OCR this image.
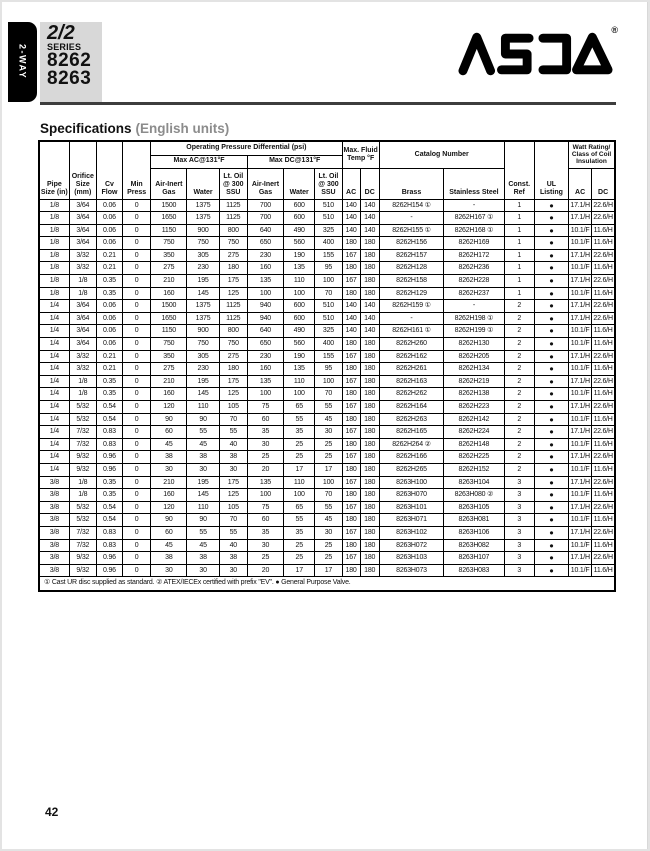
2-WAY
2/2
SERIES
8262
8263
®
Specifications (English units)
Pipe Size (in)	Orifice Size (mm)	Cv Flow	Min Press	Operating Pressure Differential (psi)						Max. Fluid Temp °F		Catalog Number		Const. Ref	UL Listing	Watt Rating/ Class of Coil Insulation	
				Max AC@131°F			Max DC@131°F										
				Air-Inert Gas	Water	Lt. Oil @ 300 SSU	Air-Inert Gas	Water	Lt. Oil @ 300 SSU	AC	DC	Brass	Stainless Steel			AC	DC
1/8	3/64	0.06	0	1500	1375	1125	700	600	510	140	140	8262H154 ①	-	1	●	17.1/H	22.6/H
1/8	3/64	0.06	0	1650	1375	1125	700	600	510	140	140	-	8262H167 ①	1	●	17.1/H	22.6/H
1/8	3/64	0.06	0	1150	900	800	640	490	325	140	140	8262H155 ①	8262H168 ①	1	●	10.1/F	11.6/H
1/8	3/64	0.06	0	750	750	750	650	560	400	180	180	8262H156	8262H169	1	●	10.1/F	11.6/H
1/8	3/32	0.21	0	350	305	275	230	190	155	167	180	8262H157	8262H172	1	●	17.1/H	22.6/H
1/8	3/32	0.21	0	275	230	180	160	135	95	180	180	8262H128	8262H236	1	●	10.1/F	11.6/H
1/8	1/8	0.35	0	210	195	175	135	110	100	167	180	8262H158	8262H228	1	●	17.1/H	22.6/H
1/8	1/8	0.35	0	160	145	125	100	100	70	180	180	8262H129	8262H237	1	●	10.1/F	11.6/H
1/4	3/64	0.06	0	1500	1375	1125	940	600	510	140	140	8262H159 ①	-	2	●	17.1/H	22.6/H
1/4	3/64	0.06	0	1650	1375	1125	940	600	510	140	140	-	8262H198 ①	2	●	17.1/H	22.6/H
1/4	3/64	0.06	0	1150	900	800	640	490	325	140	140	8262H161 ①	8262H199 ①	2	●	10.1/F	11.6/H
1/4	3/64	0.06	0	750	750	750	650	560	400	180	180	8262H260	8262H130	2	●	10.1/F	11.6/H
1/4	3/32	0.21	0	350	305	275	230	190	155	167	180	8262H162	8262H205	2	●	17.1/H	22.6/H
1/4	3/32	0.21	0	275	230	180	160	135	95	180	180	8262H261	8262H134	2	●	10.1/F	11.6/H
1/4	1/8	0.35	0	210	195	175	135	110	100	167	180	8262H163	8262H219	2	●	17.1/H	22.6/H
1/4	1/8	0.35	0	160	145	125	100	100	70	180	180	8262H262	8262H138	2	●	10.1/F	11.6/H
1/4	5/32	0.54	0	120	110	105	75	65	55	167	180	8262H164	8262H223	2	●	17.1/H	22.6/H
1/4	5/32	0.54	0	90	90	70	60	55	45	180	180	8262H263	8262H142	2	●	10.1/F	11.6/H
1/4	7/32	0.83	0	60	55	55	35	35	30	167	180	8262H165	8262H224	2	●	17.1/H	22.6/H
1/4	7/32	0.83	0	45	45	40	30	25	25	180	180	8262H264 ②	8262H148	2	●	10.1/F	11.6/H
1/4	9/32	0.96	0	38	38	38	25	25	25	167	180	8262H166	8262H225	2	●	17.1/H	22.6/H
1/4	9/32	0.96	0	30	30	30	20	17	17	180	180	8262H265	8262H152	2	●	10.1/F	11.6/H
3/8	1/8	0.35	0	210	195	175	135	110	100	167	180	8263H100	8263H104	3	●	17.1/H	22.6/H
3/8	1/8	0.35	0	160	145	125	100	100	70	180	180	8263H070	8263H080 ②	3	●	10.1/F	11.6/H
3/8	5/32	0.54	0	120	110	105	75	65	55	167	180	8263H101	8263H105	3	●	17.1/H	22.6/H
3/8	5/32	0.54	0	90	90	70	60	55	45	180	180	8263H071	8263H081	3	●	10.1/F	11.6/H
3/8	7/32	0.83	0	60	55	55	35	35	30	167	180	8263H102	8263H106	3	●	17.1/H	22.6/H
3/8	7/32	0.83	0	45	45	40	30	25	25	180	180	8263H072	8263H082	3	●	10.1/F	11.6/H
3/8	9/32	0.96	0	38	38	38	25	25	25	167	180	8263H103	8263H107	3	●	17.1/H	22.6/H
3/8	9/32	0.96	0	30	30	30	20	17	17	180	180	8263H073	8263H083	3	●	10.1/F	11.6/H
① Cast UR disc supplied as standard. ② ATEX/IECEx certified with prefix "EV". ● General Purpose Valve.																	
42
